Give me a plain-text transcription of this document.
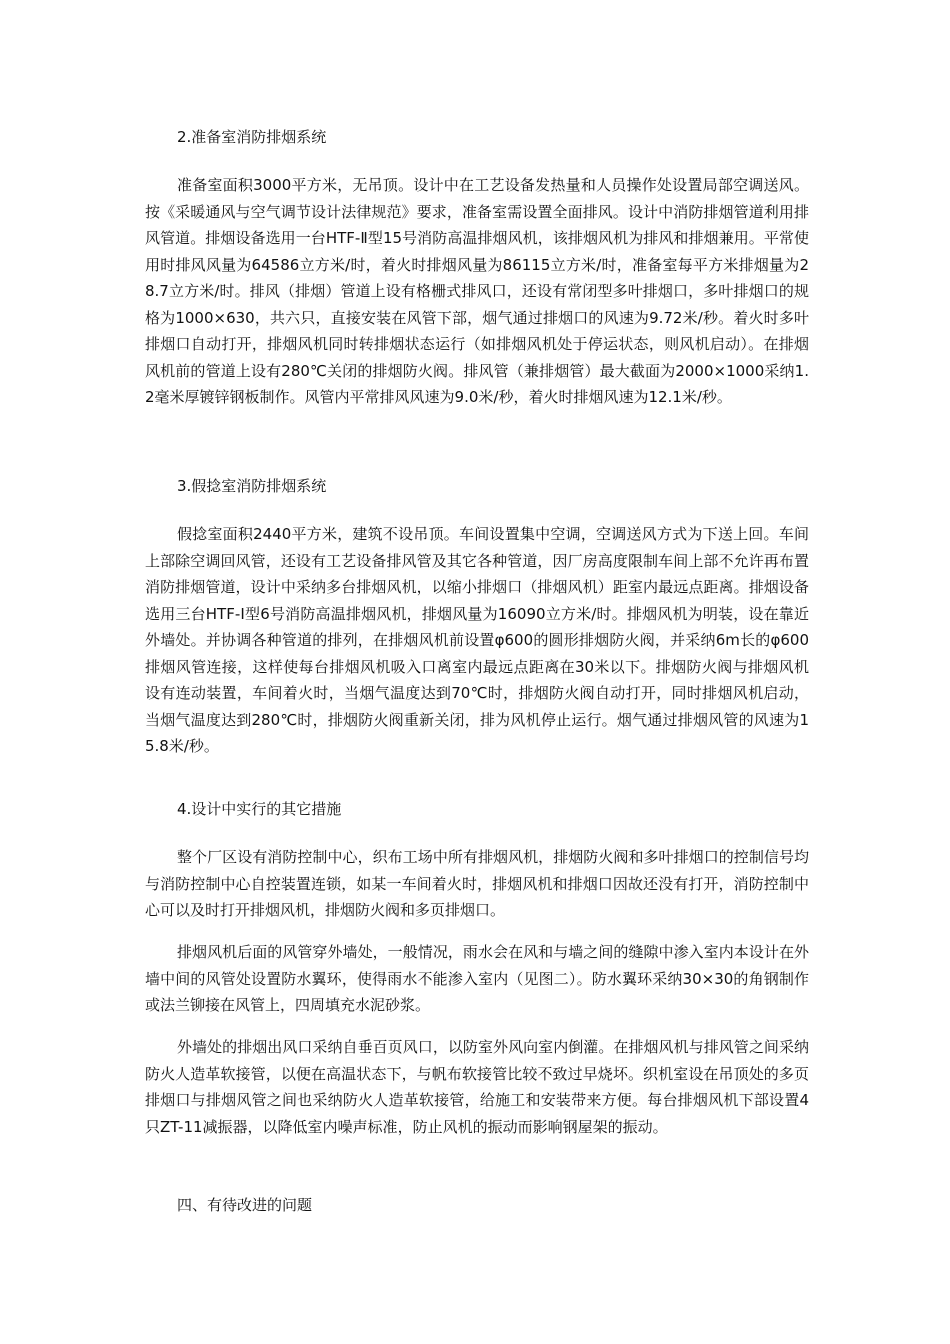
2.准备室消防排烟系统
准备室面积3000平方米，无吊顶。设计中在工艺设备发热量和人员操作处设置局部空调送风。按《采暖通风与空气调节设计法律规范》要求，准备室需设置全面排风。设计中消防排烟管道利用排风管道。排烟设备选用一台HTF-Ⅱ型15号消防高温排烟风机，该排烟风机为排风和排烟兼用。平常使用时排风风量为64586立方米/时，着火时排烟风量为86115立方米/时，准备室每平方米排烟量为28.7立方米/时。排风（排烟）管道上设有格栅式排风口，还设有常闭型多叶排烟口，多叶排烟口的规格为1000×630，共六只，直接安装在风管下部，烟气通过排烟口的风速为9.72米/秒。着火时多叶排烟口自动打开，排烟风机同时转排烟状态运行（如排烟风机处于停运状态，则风机启动）。在排烟风机前的管道上设有280℃关闭的排烟防火阀。排风管（兼排烟管）最大截面为2000×1000采纳1.2毫米厚镀锌钢板制作。风管内平常排风风速为9.0米/秒，着火时排烟风速为12.1米/秒。
3.假捻室消防排烟系统
假捻室面积2440平方米，建筑不设吊顶。车间设置集中空调，空调送风方式为下送上回。车间上部除空调回风管，还设有工艺设备排风管及其它各种管道，因厂房高度限制车间上部不允许再布置消防排烟管道，设计中采纳多台排烟风机，以缩小排烟口（排烟风机）距室内最远点距离。排烟设备选用三台HTF-Ⅰ型6号消防高温排烟风机，排烟风量为16090立方米/时。排烟风机为明装，设在靠近外墙处。并协调各种管道的排列，在排烟风机前设置φ600的圆形排烟防火阀，并采纳6m长的φ600排烟风管连接，这样使每台排烟风机吸入口离室内最远点距离在30米以下。排烟防火阀与排烟风机设有连动装置，车间着火时，当烟气温度达到70℃时，排烟防火阀自动打开，同时排烟风机启动，当烟气温度达到280℃时，排烟防火阀重新关闭，排为风机停止运行。烟气通过排烟风管的风速为15.8米/秒。
4.设计中实行的其它措施
整个厂区设有消防控制中心，织布工场中所有排烟风机，排烟防火阀和多叶排烟口的控制信号均与消防控制中心自控装置连锁，如某一车间着火时，排烟风机和排烟口因故还没有打开，消防控制中心可以及时打开排烟风机，排烟防火阀和多页排烟口。
排烟风机后面的风管穿外墙处，一般情况，雨水会在风和与墙之间的缝隙中渗入室内本设计在外墙中间的风管处设置防水翼环，使得雨水不能渗入室内（见图二）。防水翼环采纳30×30的角钢制作或法兰铆接在风管上，四周填充水泥砂浆。
外墙处的排烟出风口采纳自垂百页风口，以防室外风向室内倒灌。在排烟风机与排风管之间采纳防火人造革软接管，以便在高温状态下，与帆布软接管比较不致过早烧坏。织机室设在吊顶处的多页排烟口与排烟风管之间也采纳防火人造革软接管，给施工和安装带来方便。每台排烟风机下部设置4只ZT-11减振器，以降低室内噪声标准，防止风机的振动而影响钢屋架的振动。
四、有待改进的问题
